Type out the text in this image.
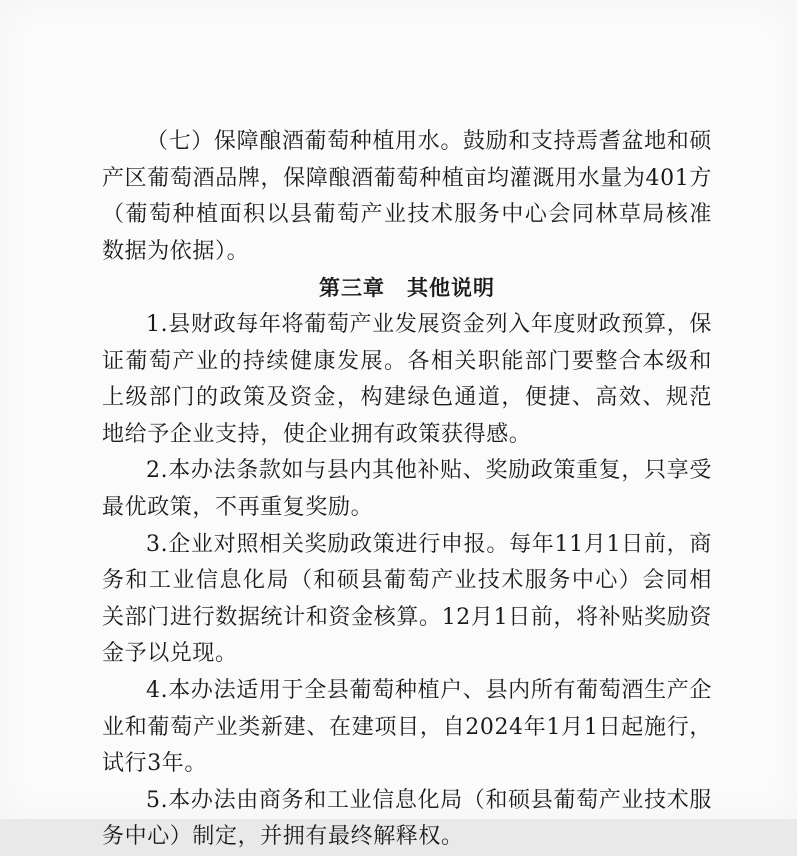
（七）保障酿酒葡萄种植用水。鼓励和支持焉耆盆地和硕产区葡萄酒品牌，保障酿酒葡萄种植亩均灌溉用水量为401方（葡萄种植面积以县葡萄产业技术服务中心会同林草局核准数据为依据）。

第三章　其他说明

1.县财政每年将葡萄产业发展资金列入年度财政预算，保证葡萄产业的持续健康发展。各相关职能部门要整合本级和上级部门的政策及资金，构建绿色通道，便捷、高效、规范地给予企业支持，使企业拥有政策获得感。

2.本办法条款如与县内其他补贴、奖励政策重复，只享受最优政策，不再重复奖励。

3.企业对照相关奖励政策进行申报。每年11月1日前，商务和工业信息化局（和硕县葡萄产业技术服务中心）会同相关部门进行数据统计和资金核算。12月1日前，将补贴奖励资金予以兑现。

4.本办法适用于全县葡萄种植户、县内所有葡萄酒生产企业和葡萄产业类新建、在建项目，自2024年1月1日起施行，试行3年。

5.本办法由商务和工业信息化局（和硕县葡萄产业技术服务中心）制定，并拥有最终解释权。
